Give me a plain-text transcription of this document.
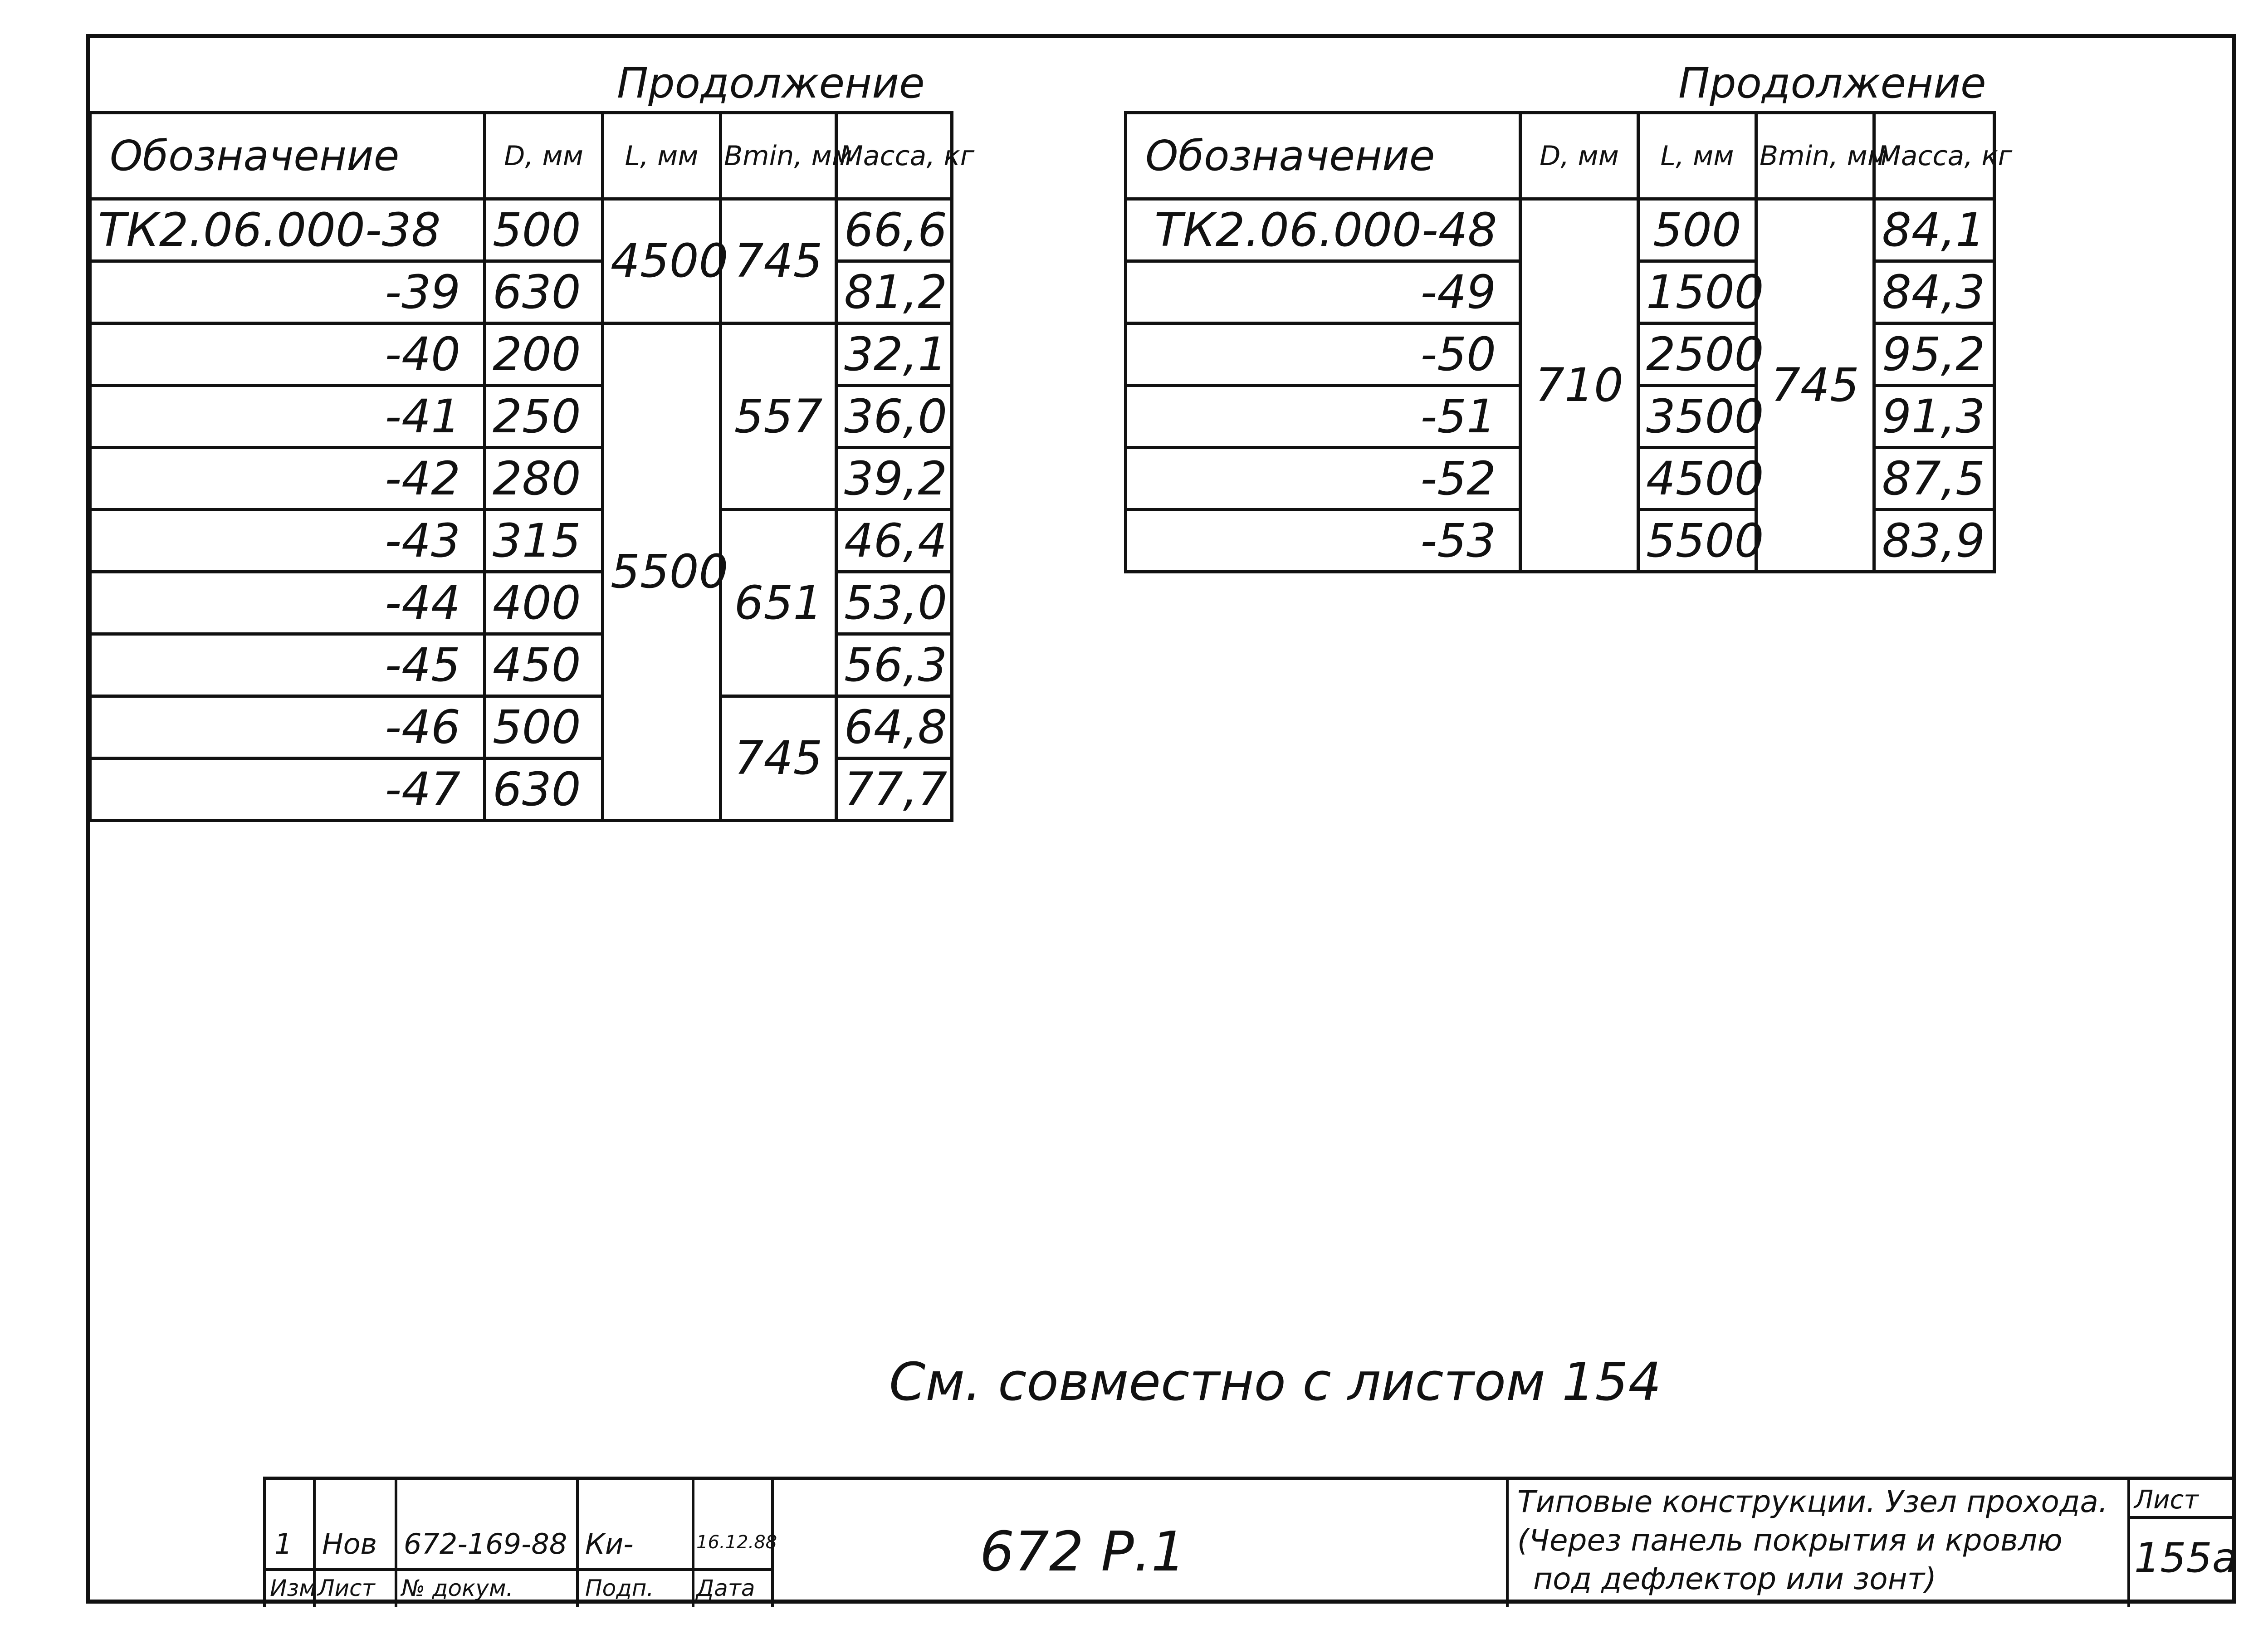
Продолжение
Обозначение	D, мм	L, мм	Bmin, мм	Масса, кг
ТК2.06.000-38	500	4500	745	66,6
-39	630			81,2
-40	200	5500	557	32,1
-41	250			36,0
-42	280			39,2
-43	315		651	46,4
-44	400			53,0
-45	450			56,3
-46	500		745	64,8
-47	630			77,7
Продолжение
Обозначение	D, мм	L, мм	Bmin, мм	Масса, кг
ТК2.06.000-48	710	500	745	84,1
-49		1500		84,3
-50		2500		95,2
-51		3500		91,3
-52		4500		87,5
-53		5500		83,9
См. совместно с листом 154
1 Нов 672-169-88 Ки-	16.12.88
Изм Лист № докум.	Подп. Дата
672 Р.1
Типовые конструкции. Узел прохода.
(Через панель покрытия и кровлю
под дефлектор или зонт)
Лист
155а
